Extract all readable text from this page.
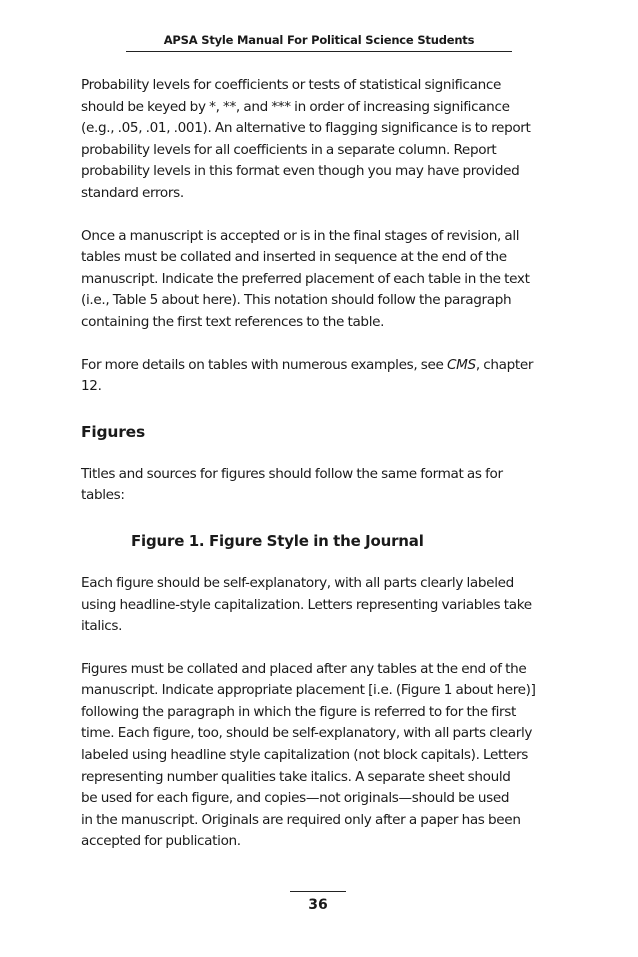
APSA Style Manual For Political Science Students

Probability levels for coefficients or tests of statistical significance
should be keyed by *, **, and *** in order of increasing significance
(e.g., .05, .01, .001). An alternative to flagging significance is to report
probability levels for all coefficients in a separate column. Report
probability levels in this format even though you may have provided
standard errors.

Once a manuscript is accepted or is in the final stages of revision, all
tables must be collated and inserted in sequence at the end of the
manuscript. Indicate the preferred placement of each table in the text
(i.e., Table 5 about here). This notation should follow the paragraph
containing the first text references to the table.

For more details on tables with numerous examples, see CMS, chapter
12.

Figures

Titles and sources for figures should follow the same format as for
tables:

Figure 1. Figure Style in the Journal

Each figure should be self-explanatory, with all parts clearly labeled
using headline-style capitalization. Letters representing variables take
italics.

Figures must be collated and placed after any tables at the end of the
manuscript. Indicate appropriate placement [i.e. (Figure 1 about here)]
following the paragraph in which the figure is referred to for the first
time. Each figure, too, should be self-explanatory, with all parts clearly
labeled using headline style capitalization (not block capitals). Letters
representing number qualities take italics. A separate sheet should
be used for each figure, and copies—not originals—should be used
in the manuscript. Originals are required only after a paper has been
accepted for publication.

36
